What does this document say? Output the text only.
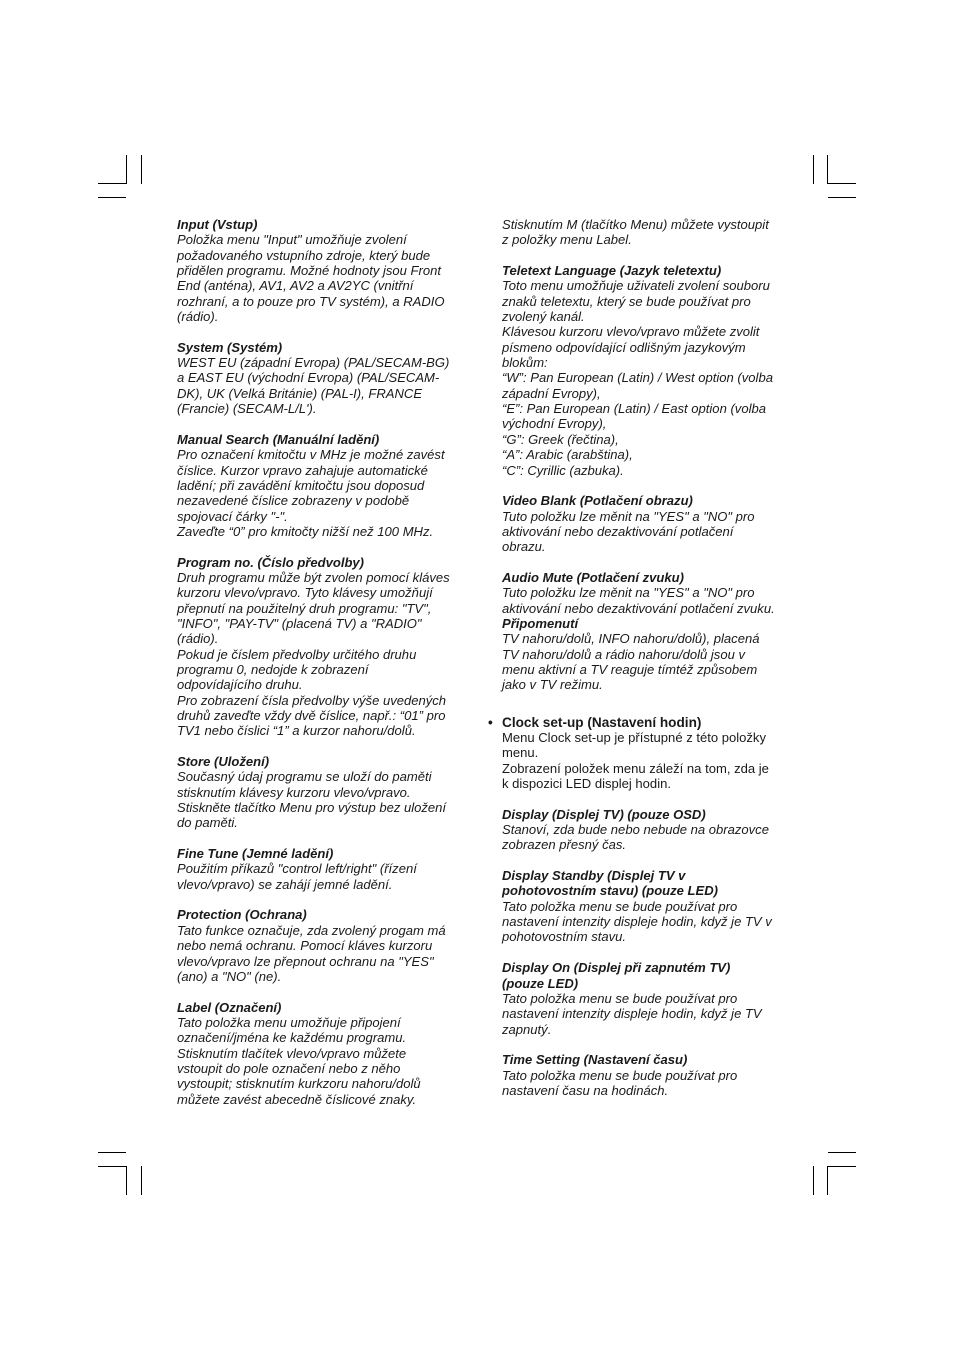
Input (Vstup)
Položka menu "Input" umožňuje zvolení
požadovaného vstupního zdroje, který bude
přidělen programu. Možné hodnoty jsou Front
End (anténa), AV1, AV2 a AV2YC (vnitřní
rozhraní, a to pouze pro TV systém), a RADIO
(rádio).
System (Systém)
WEST EU (západní Evropa) (PAL/SECAM-BG)
a EAST EU (východní Evropa) (PAL/SECAM-
DK), UK (Velká Británie) (PAL-I), FRANCE
(Francie) (SECAM-L/L').
Manual Search (Manuální ladění)
Pro označení kmitočtu v MHz je možné zavést
číslice. Kurzor vpravo zahajuje automatické
ladění; při zavádění kmitočtu jsou doposud
nezavedené číslice zobrazeny v podobě
spojovací čárky "-".
Zaveďte “0” pro kmitočty nižší než 100 MHz.
Program no. (Číslo předvolby)
Druh programu může být zvolen pomocí kláves
kurzoru vlevo/vpravo. Tyto klávesy umožňují
přepnutí na použitelný druh programu: "TV",
"INFO", "PAY-TV" (placená TV) a "RADIO"
(rádio).
Pokud je číslem předvolby určitého druhu
programu 0, nedojde k zobrazení
odpovídajícího druhu.
Pro zobrazení čísla předvolby výše uvedených
druhů zaveďte vždy dvě číslice, např.: “01” pro
TV1 nebo číslici “1” a kurzor nahoru/dolů.
Store (Uložení)
Současný údaj programu se uloží do paměti
stisknutím klávesy kurzoru vlevo/vpravo.
Stiskněte tlačítko Menu pro výstup bez uložení
do paměti.
Fine Tune (Jemné ladění)
Použitím příkazů "control left/right" (řízení
vlevo/vpravo) se zahájí jemné ladění.
Protection (Ochrana)
Tato funkce označuje, zda zvolený progam má
nebo nemá ochranu. Pomocí kláves kurzoru
vlevo/vpravo lze přepnout ochranu na "YES"
(ano) a "NO" (ne).
Label (Označení)
Tato položka menu umožňuje připojení
označení/jména ke každému programu.
Stisknutím tlačítek vlevo/vpravo můžete
vstoupit do pole označení nebo z něho
vystoupit; stisknutím kurkzoru nahoru/dolů
můžete zavést abecedně číslicové znaky.
Stisknutím M (tlačítko Menu) můžete vystoupit
z položky menu Label.
Teletext Language (Jazyk teletextu)
Toto menu umožňuje uživateli zvolení souboru
znaků teletextu, který se bude používat pro
zvolený kanál.
Klávesou kurzoru vlevo/vpravo můžete zvolit
písmeno odpovídající odlišným jazykovým
blokům:
“W”: Pan European (Latin) / West option (volba
západní Evropy),
“E”: Pan European (Latin) / East option (volba
východní Evropy),
“G”: Greek (řečtina),
“A”: Arabic (arabština),
“C”: Cyrillic (azbuka).
Video Blank (Potlačení obrazu)
Tuto položku lze měnit na "YES" a "NO" pro
aktivování nebo dezaktivování potlačení
obrazu.
Audio Mute (Potlačení zvuku)
Tuto položku lze měnit na "YES" a "NO" pro
aktivování nebo dezaktivování potlačení zvuku.
Připomenutí
TV nahoru/dolů, INFO nahoru/dolů), placená
TV nahoru/dolů a rádio nahoru/dolů jsou v
menu aktivní a TV reaguje tímtéž způsobem
jako v TV režimu.
• Clock set-up (Nastavení hodin)
Menu Clock set-up je přístupné z této položky
menu.
Zobrazení položek menu záleží na tom, zda je
k dispozici LED displej hodin.
Display (Displej TV) (pouze OSD)
Stanoví, zda bude nebo nebude na obrazovce
zobrazen přesný čas.
Display Standby (Displej TV v
pohotovostním stavu) (pouze LED)
Tato položka menu se bude používat pro
nastavení intenzity displeje hodin, když je TV v
pohotovostním stavu.
Display On (Displej při zapnutém TV)
(pouze LED)
Tato položka menu se bude používat pro
nastavení intenzity displeje hodin, když je TV
zapnutý.
Time Setting (Nastavení času)
Tato položka menu se bude používat pro
nastavení času na hodinách.
